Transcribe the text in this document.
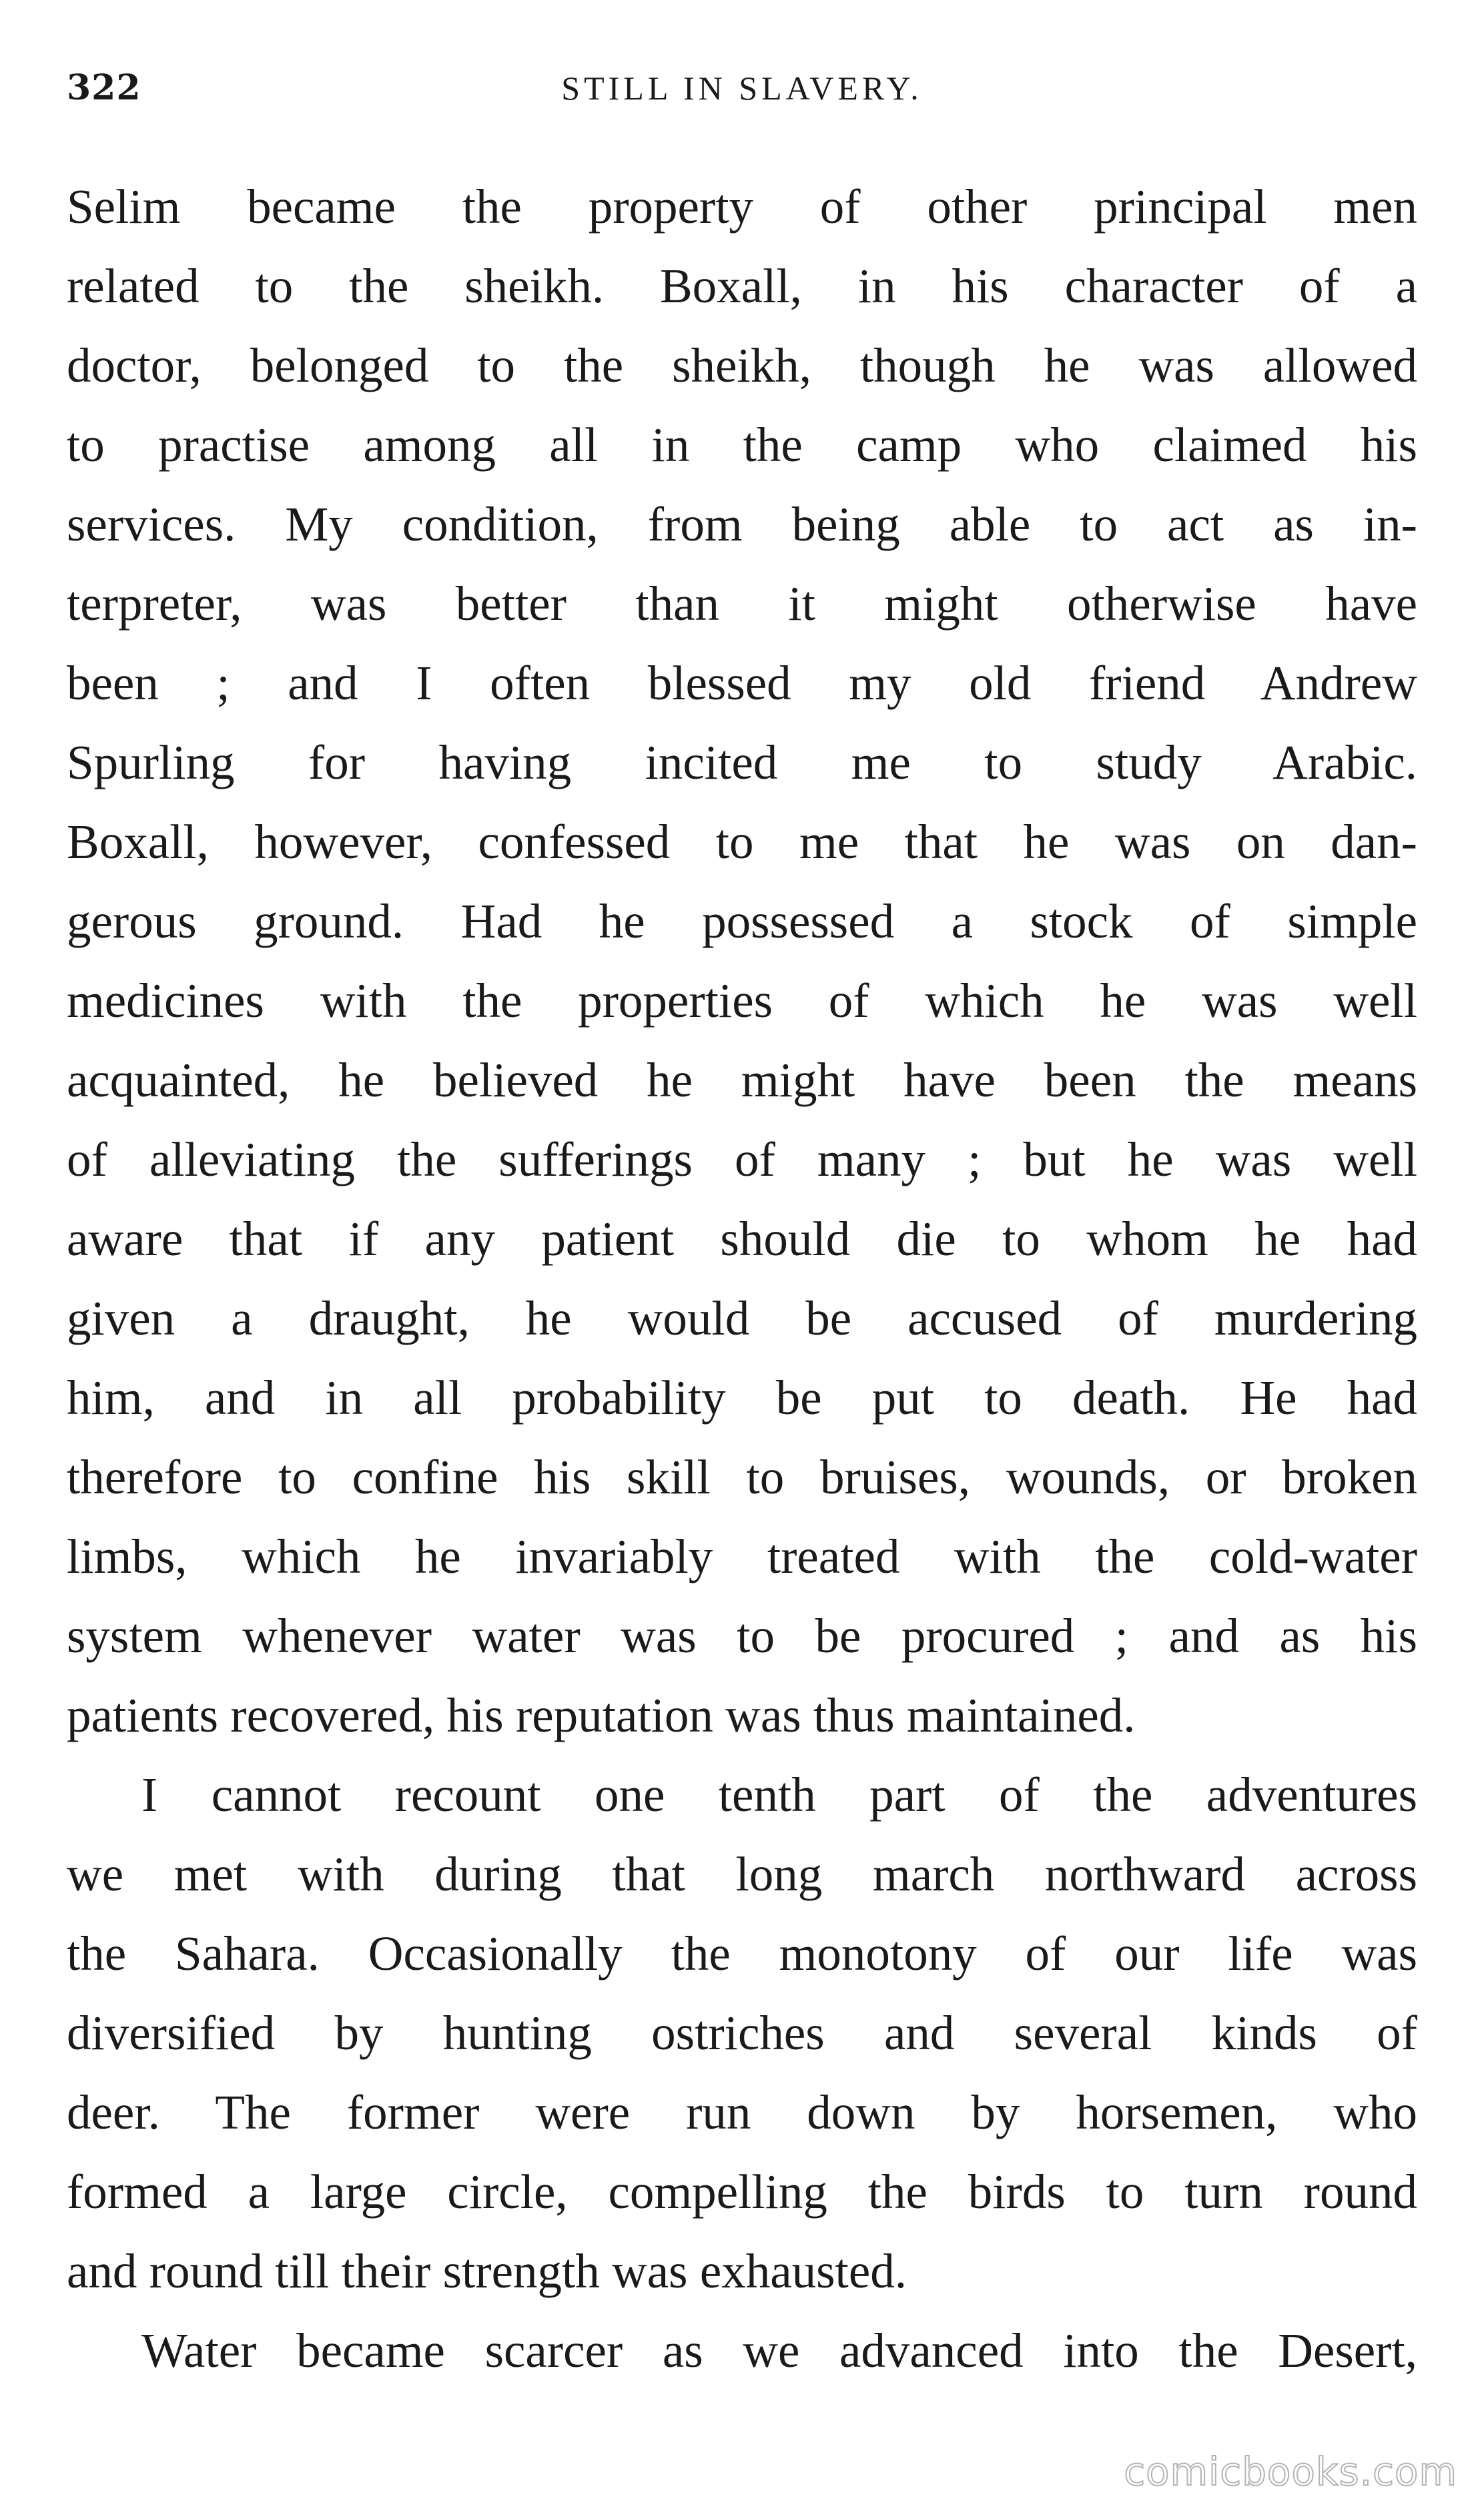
322	STILL IN SLAVERY.
Selim became the property of other principal men
related to the sheikh. Boxall, in his character of a
doctor, belonged to the sheikh, though he was allowed
to practise among all in the camp who claimed his
services. My condition, from being able to act as in-
terpreter, was better than it might otherwise have
been ; and I often blessed my old friend Andrew
Spurling for having incited me to study Arabic.
Boxall, however, confessed to me that he was on dan-
gerous ground. Had he possessed a stock of simple
medicines with the properties of which he was well
acquainted, he believed he might have been the means
of alleviating the sufferings of many ; but he was well
aware that if any patient should die to whom he had
given a draught, he would be accused of murdering
him, and in all probability be put to death. He had
therefore to confine his skill to bruises, wounds, or broken
limbs, which he invariably treated with the cold-water
system whenever water was to be procured ; and as his
patients recovered, his reputation was thus maintained.
I cannot recount one tenth part of the adventures
we met with during that long march northward across
the Sahara. Occasionally the monotony of our life was
diversified by hunting ostriches and several kinds of
deer. The former were run down by horsemen, who
formed a large circle, compelling the birds to turn round
and round till their strength was exhausted.
Water became scarcer as we advanced into the Desert,
comicbooks.com
